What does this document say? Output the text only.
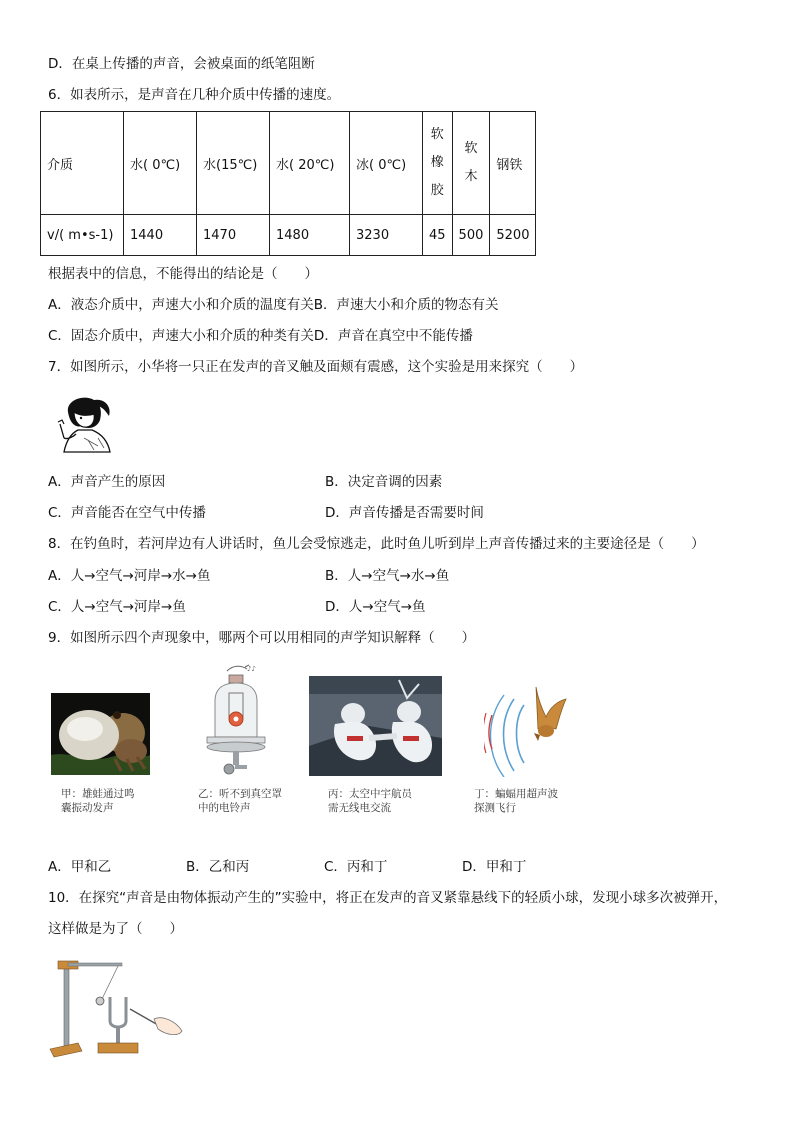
D．在桌上传播的声音，会被桌面的纸笔阻断
6．如表所示，是声音在几种介质中传播的速度。
介质	水( 0℃)	水(15℃)	水( 20℃)	冰( 0℃)	软橡胶	软木	钢铁
v/( m•s-1)	1440	1470	1480	3230	45	500	5200
根据表中的信息，不能得出的结论是（　　）
A．液态介质中，声速大小和介质的温度有关B．声速大小和介质的物态有关
C．固态介质中，声速大小和介质的种类有关D．声音在真空中不能传播
7．如图所示，小华将一只正在发声的音叉触及面颊有震感，这个实验是用来探究（　　）
A．声音产生的原因	B．决定音调的因素
C．声音能否在空气中传播	D．声音传播是否需要时间
8．在钓鱼时，若河岸边有人讲话时，鱼儿会受惊逃走，此时鱼儿听到岸上声音传播过来的主要途径是（　　）
A．人→空气→河岸→水→鱼	B．人→空气→水→鱼
C．人→空气→河岸→鱼	D．人→空气→鱼
9．如图所示四个声现象中，哪两个可以用相同的声学知识解释（　　）
甲：雄蛙通过鸣
囊振动发声
♪♪
乙：听不到真空罩
中的电铃声
丙：太空中宇航员
需无线电交流
丁：蝙蝠用超声波
探测飞行
A．甲和乙	B．乙和丙	C．丙和丁	D．甲和丁
10．在探究“声音是由物体振动产生的”实验中，将正在发声的音叉紧靠悬线下的轻质小球，发现小球多次被弹开，
这样做是为了（　　）
